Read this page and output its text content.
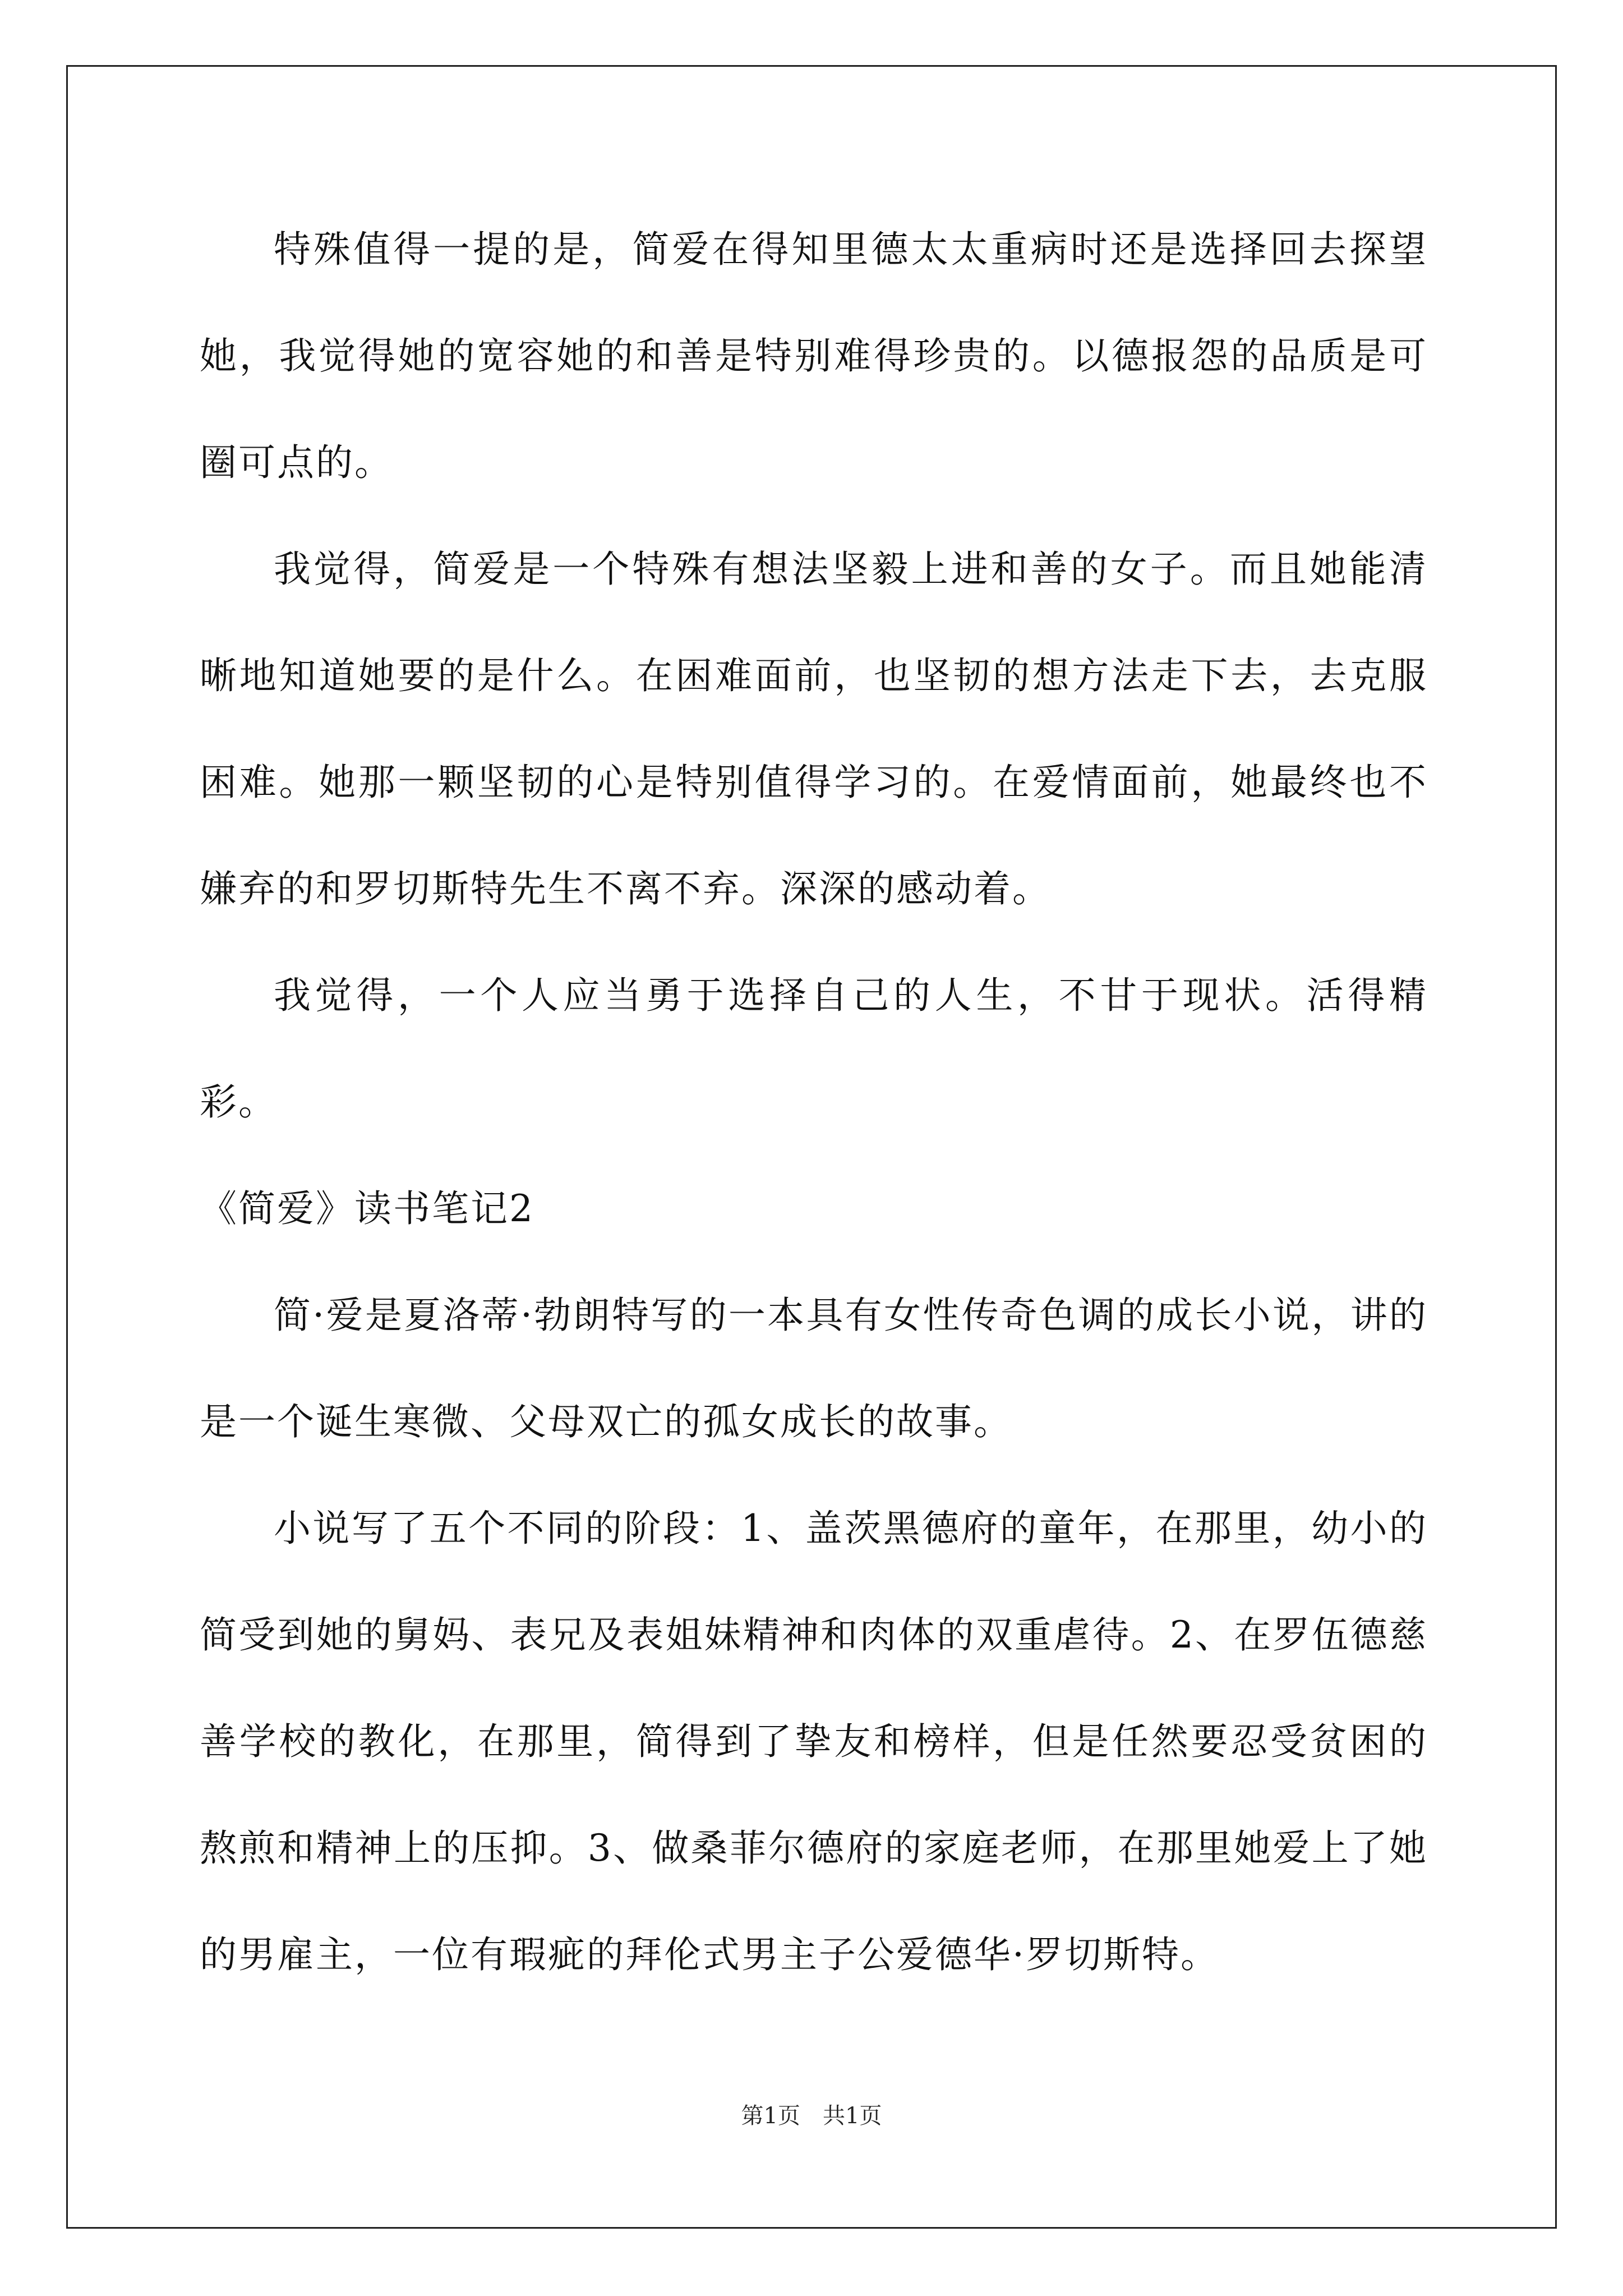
特殊值得一提的是，简爱在得知里德太太重病时还是选择回去探望她，我觉得她的宽容她的和善是特别难得珍贵的。以德报怨的品质是可圈可点的。

我觉得，简爱是一个特殊有想法坚毅上进和善的女子。而且她能清晰地知道她要的是什么。在困难面前，也坚韧的想方法走下去，去克服困难。她那一颗坚韧的心是特别值得学习的。在爱情面前，她最终也不嫌弃的和罗切斯特先生不离不弃。深深的感动着。

我觉得，一个人应当勇于选择自己的人生，不甘于现状。活得精彩。

《简爱》读书笔记2

简·爱是夏洛蒂·勃朗特写的一本具有女性传奇色调的成长小说，讲的是一个诞生寒微、父母双亡的孤女成长的故事。

小说写了五个不同的阶段：1、盖茨黑德府的童年，在那里，幼小的简受到她的舅妈、表兄及表姐妹精神和肉体的双重虐待。2、在罗伍德慈善学校的教化，在那里，简得到了挚友和榜样，但是任然要忍受贫困的熬煎和精神上的压抑。3、做桑菲尔德府的家庭老师，在那里她爱上了她的男雇主，一位有瑕疵的拜伦式男主子公爱德华·罗切斯特。

第1页　共1页
